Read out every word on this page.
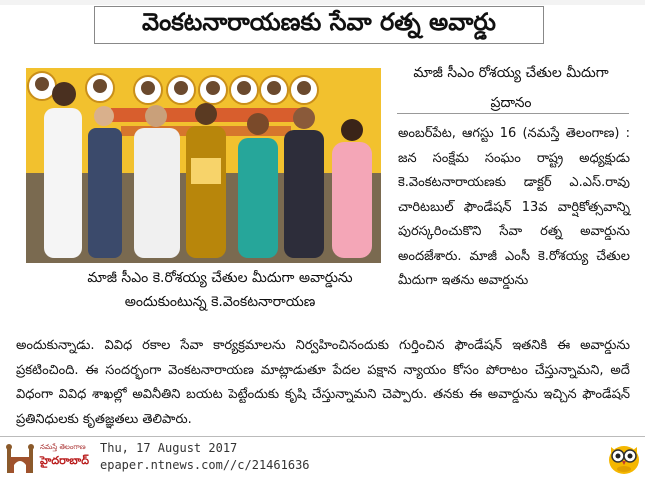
వెంకటనారాయణకు సేవా రత్న అవార్డు
మాజీ సీఎం కె.రోశయ్య చేతుల మీదుగా అవార్డును అందుకుంటున్న కె.వెంకటనారాయణ
మాజీ సీఎం రోశయ్య చేతుల మీదుగా ప్రదానం
అంబర్‌పేట, ఆగస్టు 16 (నమస్తే తెలంగాణ) : జన సంక్షేమ సంఘం రాష్ట్ర అధ్యక్షుడు కె.వెంకటనారాయణకు డాక్టర్ ఎ.ఎస్.రావు చారిటబుల్ ఫౌండేషన్ 13వ వార్షికోత్సవాన్ని పురస్కరించుకొని సేవా రత్న అవార్డును అందజేశారు. మాజీ ఎంసీ కె.రోశయ్య చేతుల మీదుగా ఇతను అవార్డును
అందుకున్నాడు. వివిధ రకాల సేవా కార్యక్రమాలను నిర్వహించినందుకు గుర్తించిన ఫౌండేషన్ ఇతనికి ఈ అవార్డును ప్రకటించింది. ఈ సందర్భంగా వెంకటనారాయణ మాట్లాడుతూ పేదల పక్షాన న్యాయం కోసం పోరాటం చేస్తున్నామని, అదే విధంగా వివిధ శాఖల్లో అవినీతిని బయట పెట్టేందుకు కృషి చేస్తున్నామని చెప్పారు. తనకు ఈ అవార్డును ఇచ్చిన ఫౌండేషన్ ప్రతినిధులకు కృతజ్ఞతలు తెలిపారు.
నమస్తే తెలంగాణ
హైదరాబాద్
Thu, 17 August 2017
epaper.ntnews.com//c/21461636
